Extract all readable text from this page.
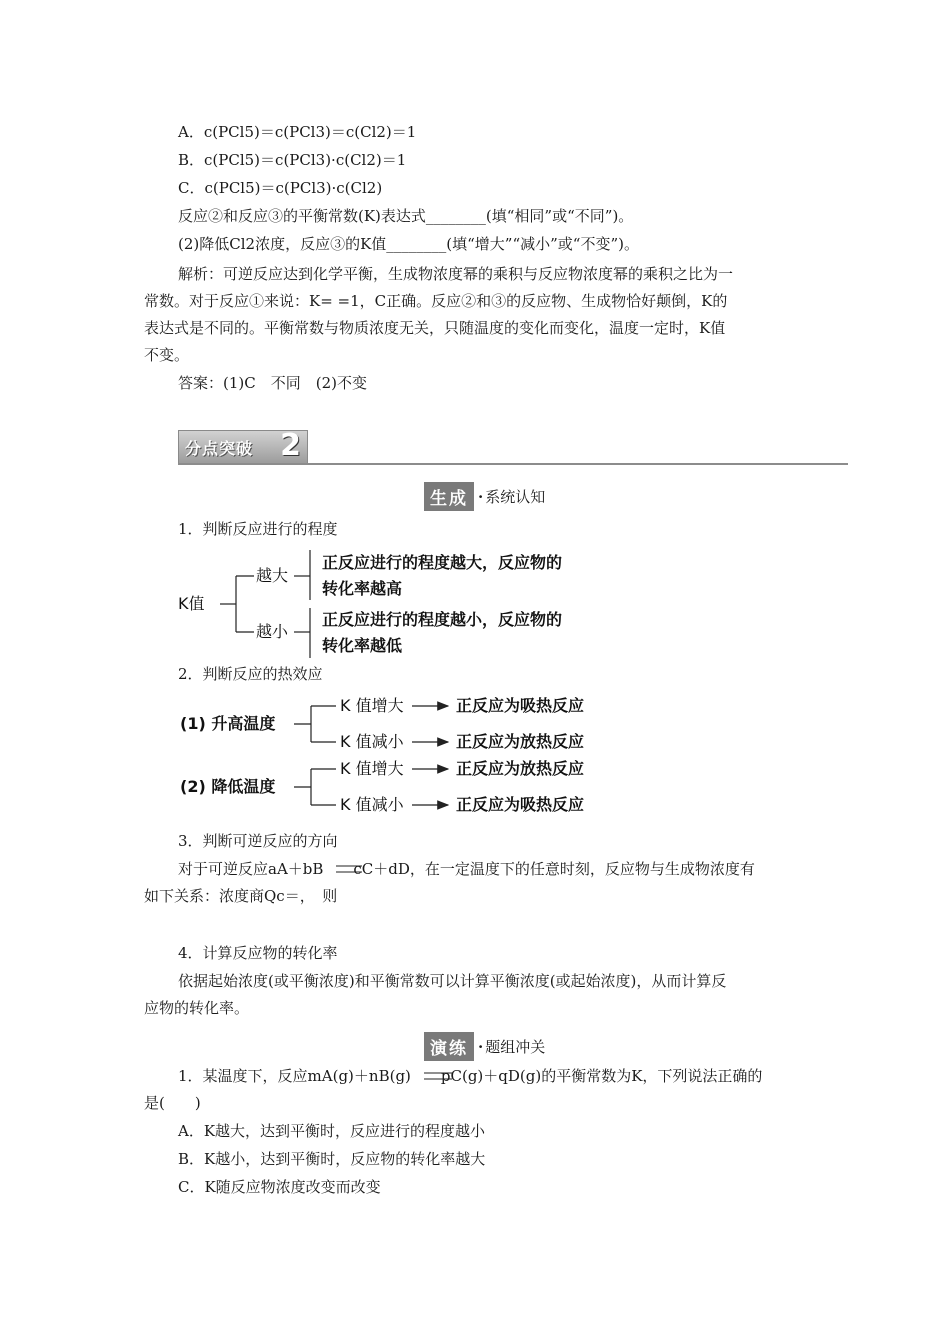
A．c(PCl5)＝c(PCl3)＝c(Cl2)＝1
B．c(PCl5)＝c(PCl3)·c(Cl2)＝1
C．c(PCl5)＝c(PCl3)·c(Cl2)
反应②和反应③的平衡常数(K)表达式________(填“相同”或“不同”)。
(2)降低Cl2浓度，反应③的K值________(填“增大”“减小”或“不变”)。
解析：可逆反应达到化学平衡，生成物浓度幂的乘积与反应物浓度幂的乘积之比为一
常数。对于反应①来说：K= =1，C正确。反应②和③的反应物、生成物恰好颠倒，K的
表达式是不同的。平衡常数与物质浓度无关，只随温度的变化而变化，温度一定时，K值
不变。
答案：(1)C　不同　(2)不变
分点突破 2
生成 · 系统认知
1．判断反应进行的程度
K值
越大
正反应进行的程度越大，反应物的
转化率越高
越小
正反应进行的程度越小，反应物的
转化率越低
2．判断反应的热效应
(1) 升高温度
K 值增大	正反应为吸热反应
K 值减小	正反应为放热反应
(2) 降低温度
K 值增大	正反应为放热反应
K 值减小	正反应为吸热反应
3．判断可逆反应的方向
对于可逆反应aA＋bB　　cC＋dD，在一定温度下的任意时刻，反应物与生成物浓度有
如下关系：浓度商Qc＝，　则
4．计算反应物的转化率
依据起始浓度(或平衡浓度)和平衡常数可以计算平衡浓度(或起始浓度)，从而计算反
应物的转化率。
演练 · 题组冲关
1．某温度下，反应mA(g)＋nB(g)　　pC(g)＋qD(g)的平衡常数为K，下列说法正确的
是(　　)
A．K越大，达到平衡时，反应进行的程度越小
B．K越小，达到平衡时，反应物的转化率越大
C．K随反应物浓度改变而改变
